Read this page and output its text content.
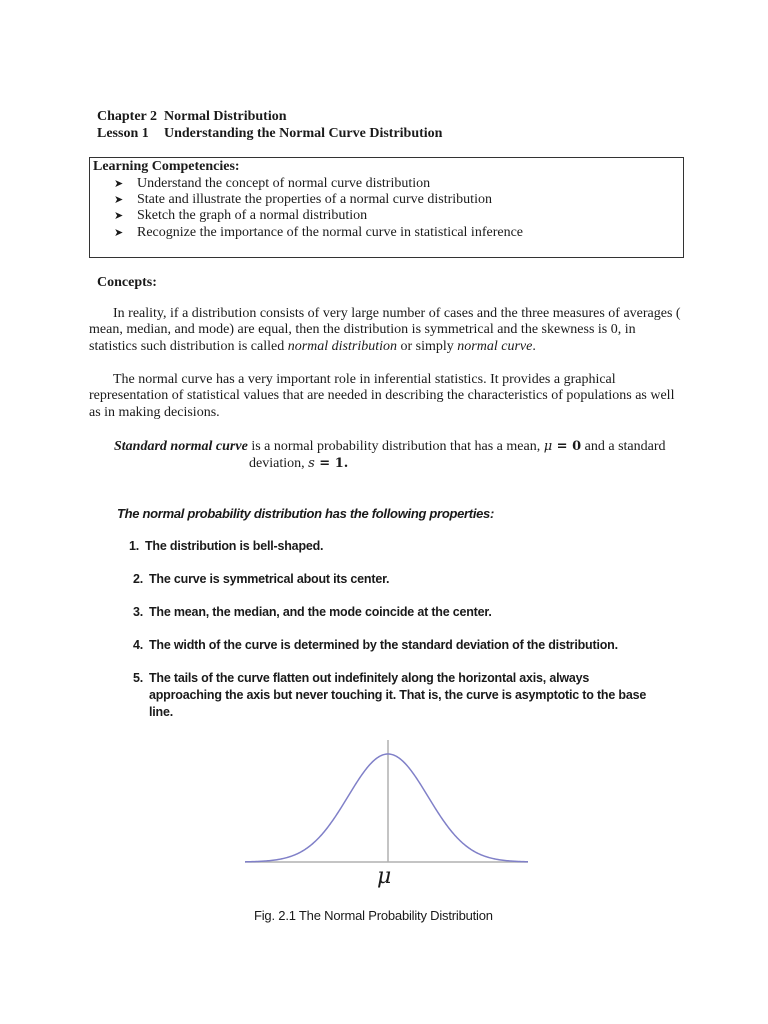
Chapter 2 Normal Distribution
Lesson 1 Understanding the Normal Curve Distribution
Learning Competencies:
➤ Understand the concept of normal curve distribution
➤ State and illustrate the properties of a normal curve distribution
➤ Sketch the graph of a normal distribution
➤ Recognize the importance of the normal curve in statistical inference
Concepts:

In reality, if a distribution consists of very large number of cases and the three measures of averages ( mean, median, and mode) are equal, then the distribution is symmetrical and the skewness is 0, in statistics such distribution is called normal distribution or simply normal curve.

The normal curve has a very important role in inferential statistics. It provides a graphical representation of statistical values that are needed in describing the characteristics of populations as well as in making decisions.

Standard normal curve is a normal probability distribution that has a mean, μ = 0 and a standard
deviation, s = 1.
The normal probability distribution has the following properties:
1. The distribution is bell-shaped.
2. The curve is symmetrical about its center.
3. The mean, the median, and the mode coincide at the center.
4. The width of the curve is determined by the standard deviation of the distribution.
5. The tails of the curve flatten out indefinitely along the horizontal axis, always approaching the axis but never touching it. That is, the curve is asymptotic to the base line.
μ
Fig. 2.1 The Normal Probability Distribution
